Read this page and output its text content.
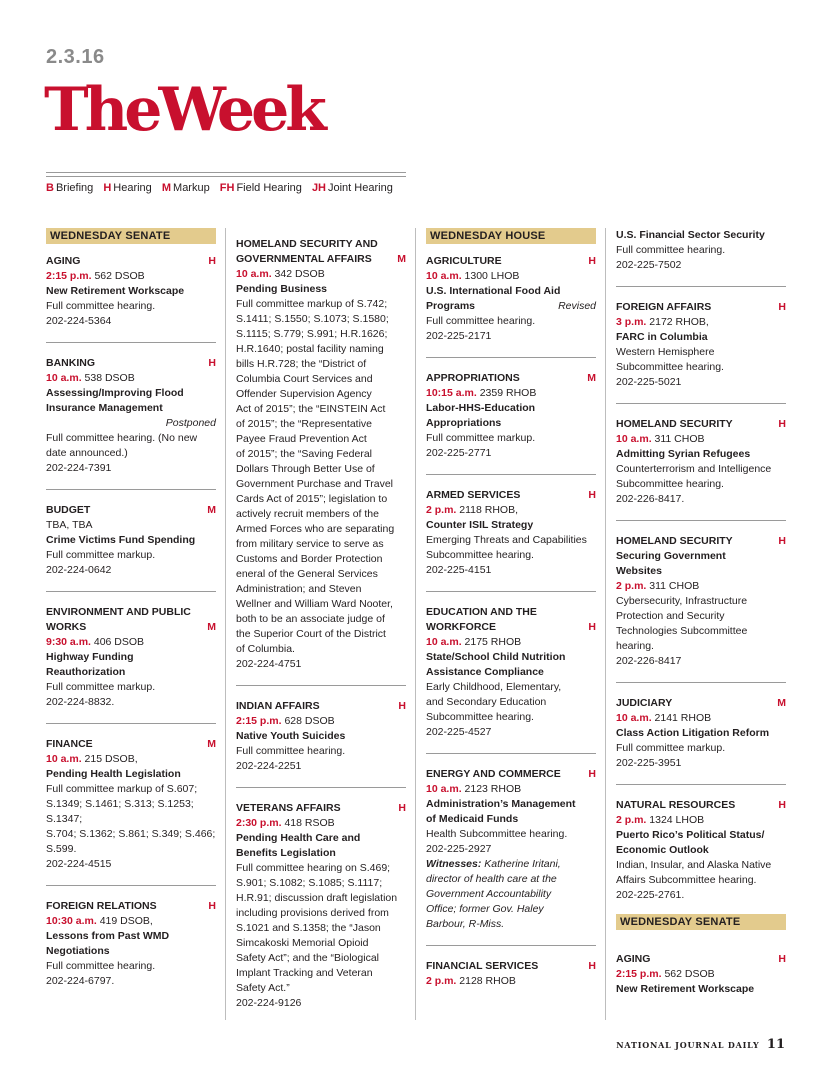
2.3.16
TheWeek
B Briefing H Hearing M Markup FH Field Hearing JH Joint Hearing
WEDNESDAY SENATE
AGING	H
2:15 p.m. 562 DSOB
New Retirement Workscape
Full committee hearing.
202-224-5364
BANKING	H
10 a.m. 538 DSOB
Assessing/Improving Flood
Insurance Management
Postponed
Full committee hearing. (No new
date announced.)
202-224-7391
BUDGET	M
TBA, TBA
Crime Victims Fund Spending
Full committee markup.
202-224-0642
ENVIRONMENT AND PUBLIC
WORKS	M
9:30 a.m. 406 DSOB
Highway Funding
Reauthorization
Full committee markup.
202-224-8832.
FINANCE	M
10 a.m. 215 DSOB,
Pending Health Legislation
Full committee markup of S.607;
S.1349; S.1461; S.313; S.1253; S.1347;
S.704; S.1362; S.861; S.349; S.466;
S.599.
202-224-4515
FOREIGN RELATIONS	H
10:30 a.m. 419 DSOB,
Lessons from Past WMD
Negotiations
Full committee hearing.
202-224-6797.
HOMELAND SECURITY AND
GOVERNMENTAL AFFAIRS M
10 a.m. 342 DSOB
Pending Business
Full committee markup of S.742;
S.1411; S.1550; S.1073; S.1580;
S.1115; S.779; S.991; H.R.1626;
H.R.1640; postal facility naming
bills H.R.728; the “District of
Columbia Court Services and
Offender Supervision Agency
Act of 2015”; the “EINSTEIN Act
of 2015”; the “Representative
Payee Fraud Prevention Act
of 2015”; the “Saving Federal
Dollars Through Better Use of
Government Purchase and Travel
Cards Act of 2015”; legislation to
actively recruit members of the
Armed Forces who are separating
from military service to serve as
Customs and Border Protection
eneral of the General Services
Administration; and Steven
Wellner and William Ward Nooter,
both to be an associate judge of
the Superior Court of the District
of Columbia.
202-224-4751
INDIAN AFFAIRS	H
2:15 p.m. 628 DSOB
Native Youth Suicides
Full committee hearing.
202-224-2251
VETERANS AFFAIRS	H
2:30 p.m. 418 RSOB
Pending Health Care and
Benefits Legislation
Full committee hearing on S.469;
S.901; S.1082; S.1085; S.1117;
H.R.91; discussion draft legislation
including provisions derived from
S.1021 and S.1358; the “Jason
Simcakoski Memorial Opioid
Safety Act”; and the “Biological
Implant Tracking and Veteran
Safety Act.”
202-224-9126
WEDNESDAY HOUSE
AGRICULTURE	H
10 a.m. 1300 LHOB
U.S. International Food Aid
Programs	Revised
Full committee hearing.
202-225-2171
APPROPRIATIONS	M
10:15 a.m. 2359 RHOB
Labor-HHS-Education
Appropriations
Full committee markup.
202-225-2771
ARMED SERVICES	H
2 p.m. 2118 RHOB,
Counter ISIL Strategy
Emerging Threats and Capabilities
Subcommittee hearing.
202-225-4151
EDUCATION AND THE
WORKFORCE	H
10 a.m. 2175 RHOB
State/School Child Nutrition
Assistance Compliance
Early Childhood, Elementary,
and Secondary Education
Subcommittee hearing.
202-225-4527
ENERGY AND COMMERCE	H
10 a.m. 2123 RHOB
Administration’s Management
of Medicaid Funds
Health Subcommittee hearing.
202-225-2927
Witnesses: Katherine Iritani,
director of health care at the
Government Accountability
Office; former Gov. Haley
Barbour, R-Miss.
FINANCIAL SERVICES	H
2 p.m. 2128 RHOB
U.S. Financial Sector Security
Full committee hearing.
202-225-7502
FOREIGN AFFAIRS	H
3 p.m. 2172 RHOB,
FARC in Columbia
Western Hemisphere
Subcommittee hearing.
202-225-5021
HOMELAND SECURITY	H
10 a.m. 311 CHOB
Admitting Syrian Refugees
Counterterrorism and Intelligence
Subcommittee hearing.
202-226-8417.
HOMELAND SECURITY	H
Securing Government
Websites
2 p.m. 311 CHOB
Cybersecurity, Infrastructure
Protection and Security
Technologies Subcommittee
hearing.
202-226-8417
JUDICIARY	M
10 a.m. 2141 RHOB
Class Action Litigation Reform
Full committee markup.
202-225-3951
NATURAL RESOURCES	H
2 p.m. 1324 LHOB
Puerto Rico’s Political Status/
Economic Outlook
Indian, Insular, and Alaska Native
Affairs Subcommittee hearing.
202-225-2761.
WEDNESDAY SENATE
AGING	H
2:15 p.m. 562 DSOB
New Retirement Workscape
NATIONAL JOURNAL DAILY 11
